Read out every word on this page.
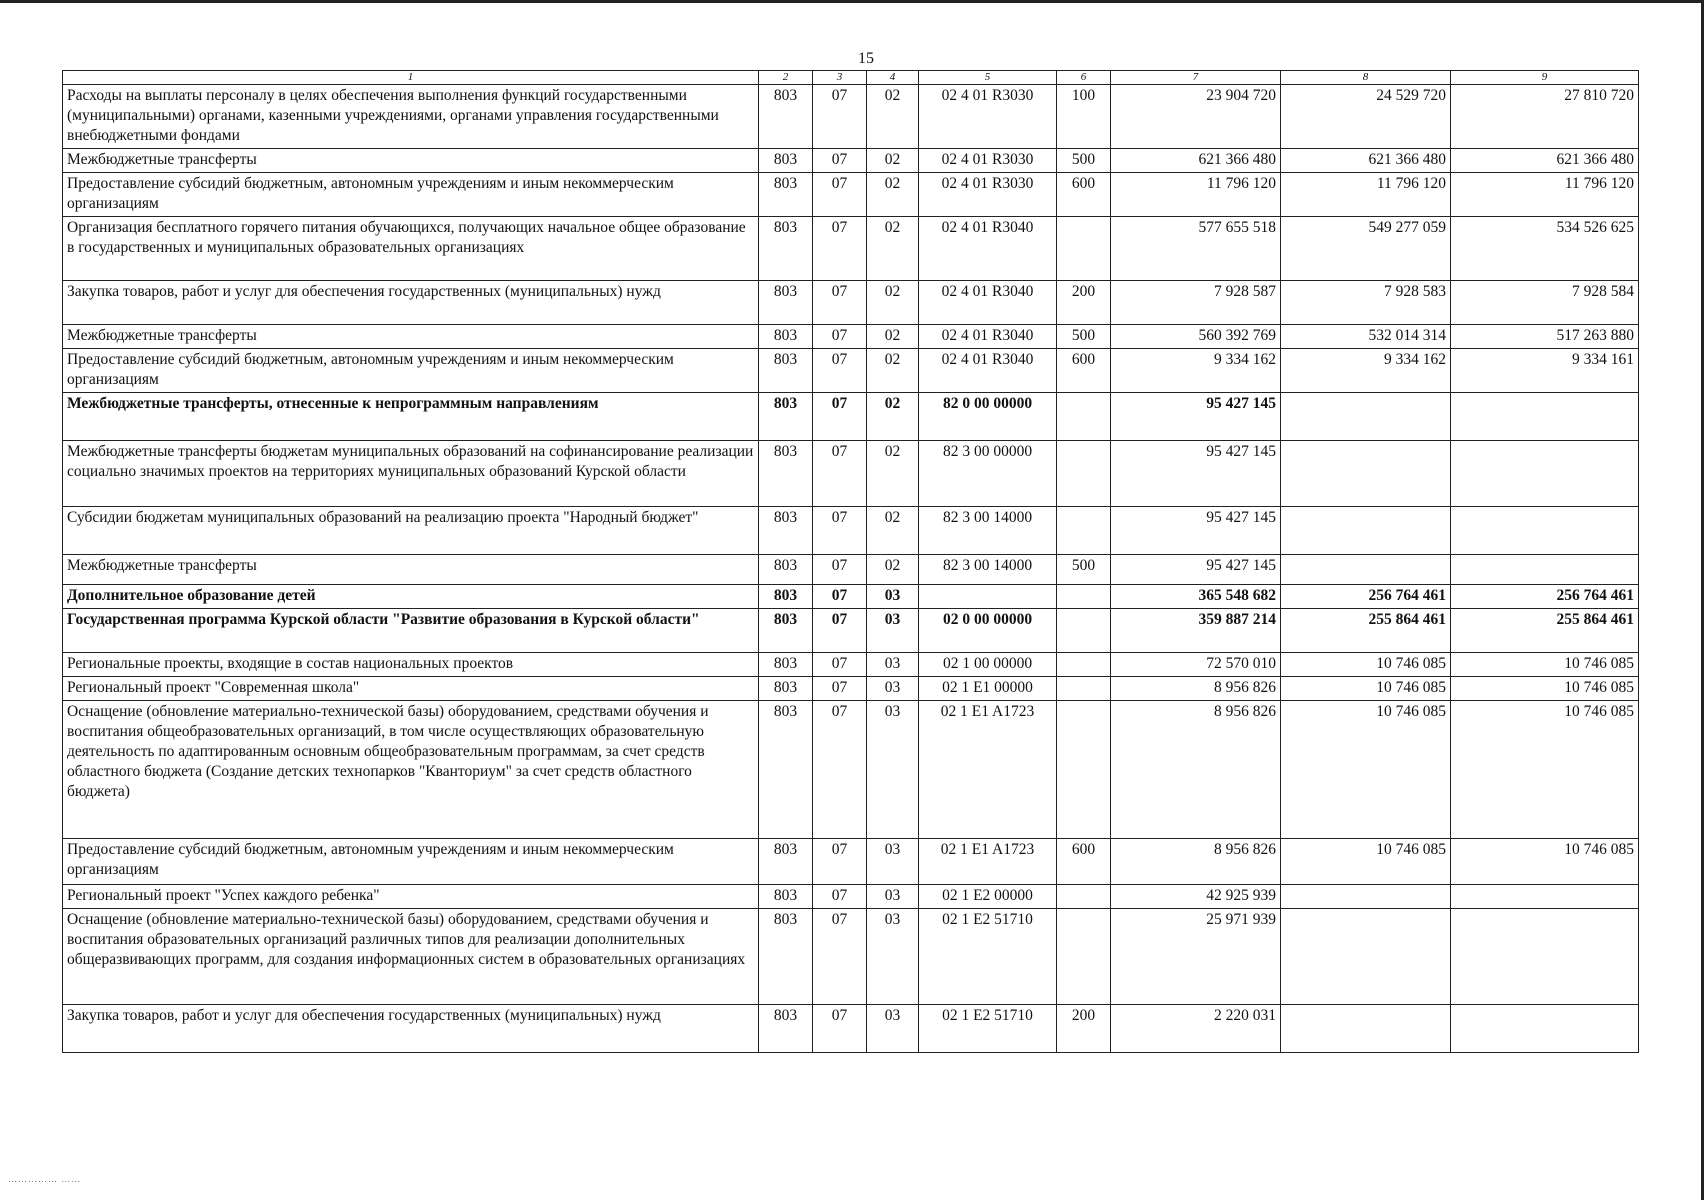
15
1	2	3	4	5	6	7	8	9
Расходы на выплаты персоналу в целях обеспечения выполнения функций государственными (муниципальными) органами, казенными учреждениями, органами управления государственными внебюджетными фондами	803	07	02	02 4 01 R3030	100	23 904 720	24 529 720	27 810 720
Межбюджетные трансферты	803	07	02	02 4 01 R3030	500	621 366 480	621 366 480	621 366 480
Предоставление субсидий бюджетным, автономным учреждениям и иным некоммерческим организациям	803	07	02	02 4 01 R3030	600	11 796 120	11 796 120	11 796 120
Организация бесплатного горячего питания обучающихся, получающих начальное общее образование в государственных и муниципальных образовательных организациях	803	07	02	02 4 01 R3040		577 655 518	549 277 059	534 526 625
Закупка товаров, работ и услуг для обеспечения государственных (муниципальных) нужд	803	07	02	02 4 01 R3040	200	7 928 587	7 928 583	7 928 584
Межбюджетные трансферты	803	07	02	02 4 01 R3040	500	560 392 769	532 014 314	517 263 880
Предоставление субсидий бюджетным, автономным учреждениям и иным некоммерческим организациям	803	07	02	02 4 01 R3040	600	9 334 162	9 334 162	9 334 161
Межбюджетные трансферты, отнесенные к непрограммным направлениям	803	07	02	82 0 00 00000		95 427 145		
Межбюджетные трансферты бюджетам муниципальных образований на софинансирование реализации социально значимых проектов на территориях муниципальных образований Курской области	803	07	02	82 3 00 00000		95 427 145		
Субсидии бюджетам муниципальных образований на реализацию проекта "Народный бюджет"	803	07	02	82 3 00 14000		95 427 145		
Межбюджетные трансферты	803	07	02	82 3 00 14000	500	95 427 145		
Дополнительное образование детей	803	07	03			365 548 682	256 764 461	256 764 461
Государственная программа Курской области "Развитие образования в Курской области"	803	07	03	02 0 00 00000		359 887 214	255 864 461	255 864 461
Региональные проекты, входящие в состав национальных проектов	803	07	03	02 1 00 00000		72 570 010	10 746 085	10 746 085
Региональный проект "Современная школа"	803	07	03	02 1 E1 00000		8 956 826	10 746 085	10 746 085
Оснащение (обновление материально-технической базы) оборудованием, средствами обучения и воспитания общеобразовательных организаций, в том числе осуществляющих образовательную деятельность по адаптированным основным общеобразовательным программам, за счет средств областного бюджета (Создание детских технопарков "Кванториум" за счет средств областного бюджета)	803	07	03	02 1 E1 A1723		8 956 826	10 746 085	10 746 085
Предоставление субсидий бюджетным, автономным учреждениям и иным некоммерческим организациям	803	07	03	02 1 E1 A1723	600	8 956 826	10 746 085	10 746 085
Региональный проект "Успех каждого ребенка"	803	07	03	02 1 E2 00000		42 925 939		
Оснащение (обновление материально-технической базы) оборудованием, средствами обучения и воспитания образовательных организаций различных типов для реализации дополнительных общеразвивающих программ, для создания информационных систем в образовательных организациях	803	07	03	02 1 E2 51710		25 971 939		
Закупка товаров, работ и услуг для обеспечения государственных (муниципальных) нужд	803	07	03	02 1 E2 51710	200	2 220 031		
…………… ……
